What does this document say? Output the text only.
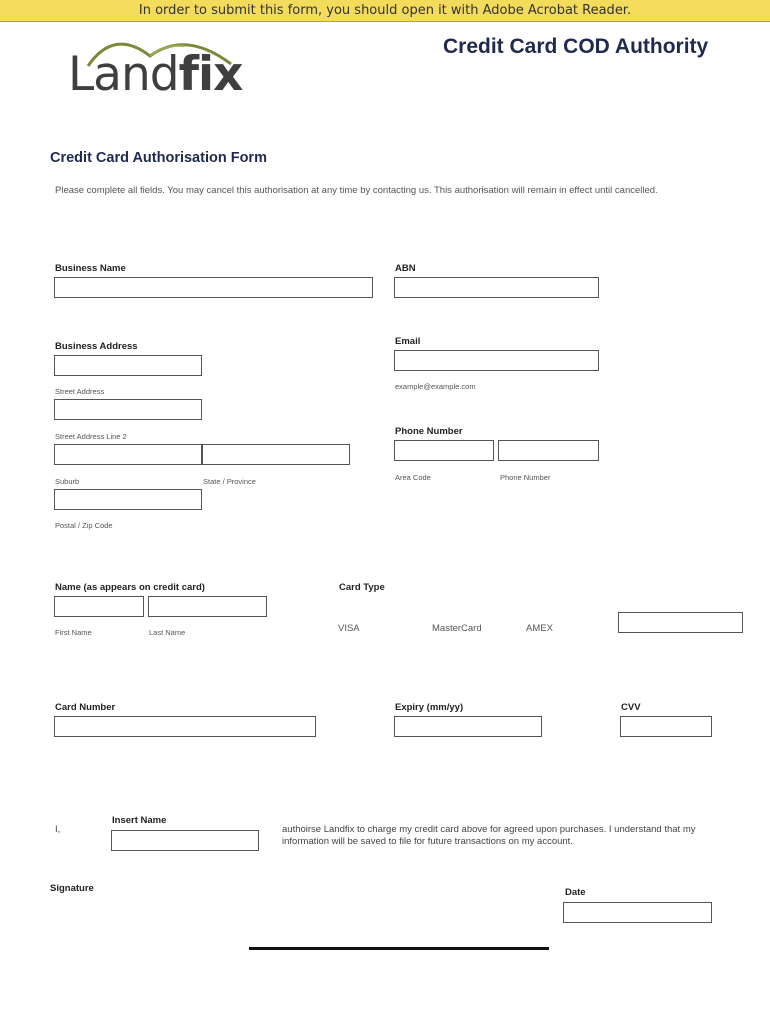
In order to submit this form, you should open it with Adobe Acrobat Reader.
Landfix
Credit Card COD Authority
Credit Card Authorisation Form
Please complete all fields. You may cancel this authorisation at any time by contacting us. This authorisation will remain in effect until cancelled.
Business Name	ABN
Business Address
Street Address
Street Address Line 2
Suburb	State / Province
Postal / Zip Code
Email
example@example.com
Phone Number
Area Code	Phone Number
Name (as appears on credit card)
First Name	Last Name
Card Type
VISA	MasterCard	AMEX
Card Number	Expiry (mm/yy)	CVV
I,
Insert Name
authoirse Landfix to charge my credit card above for agreed upon purchases. I understand that my information will be saved to file for future transactions on my account.
Signature	Date
